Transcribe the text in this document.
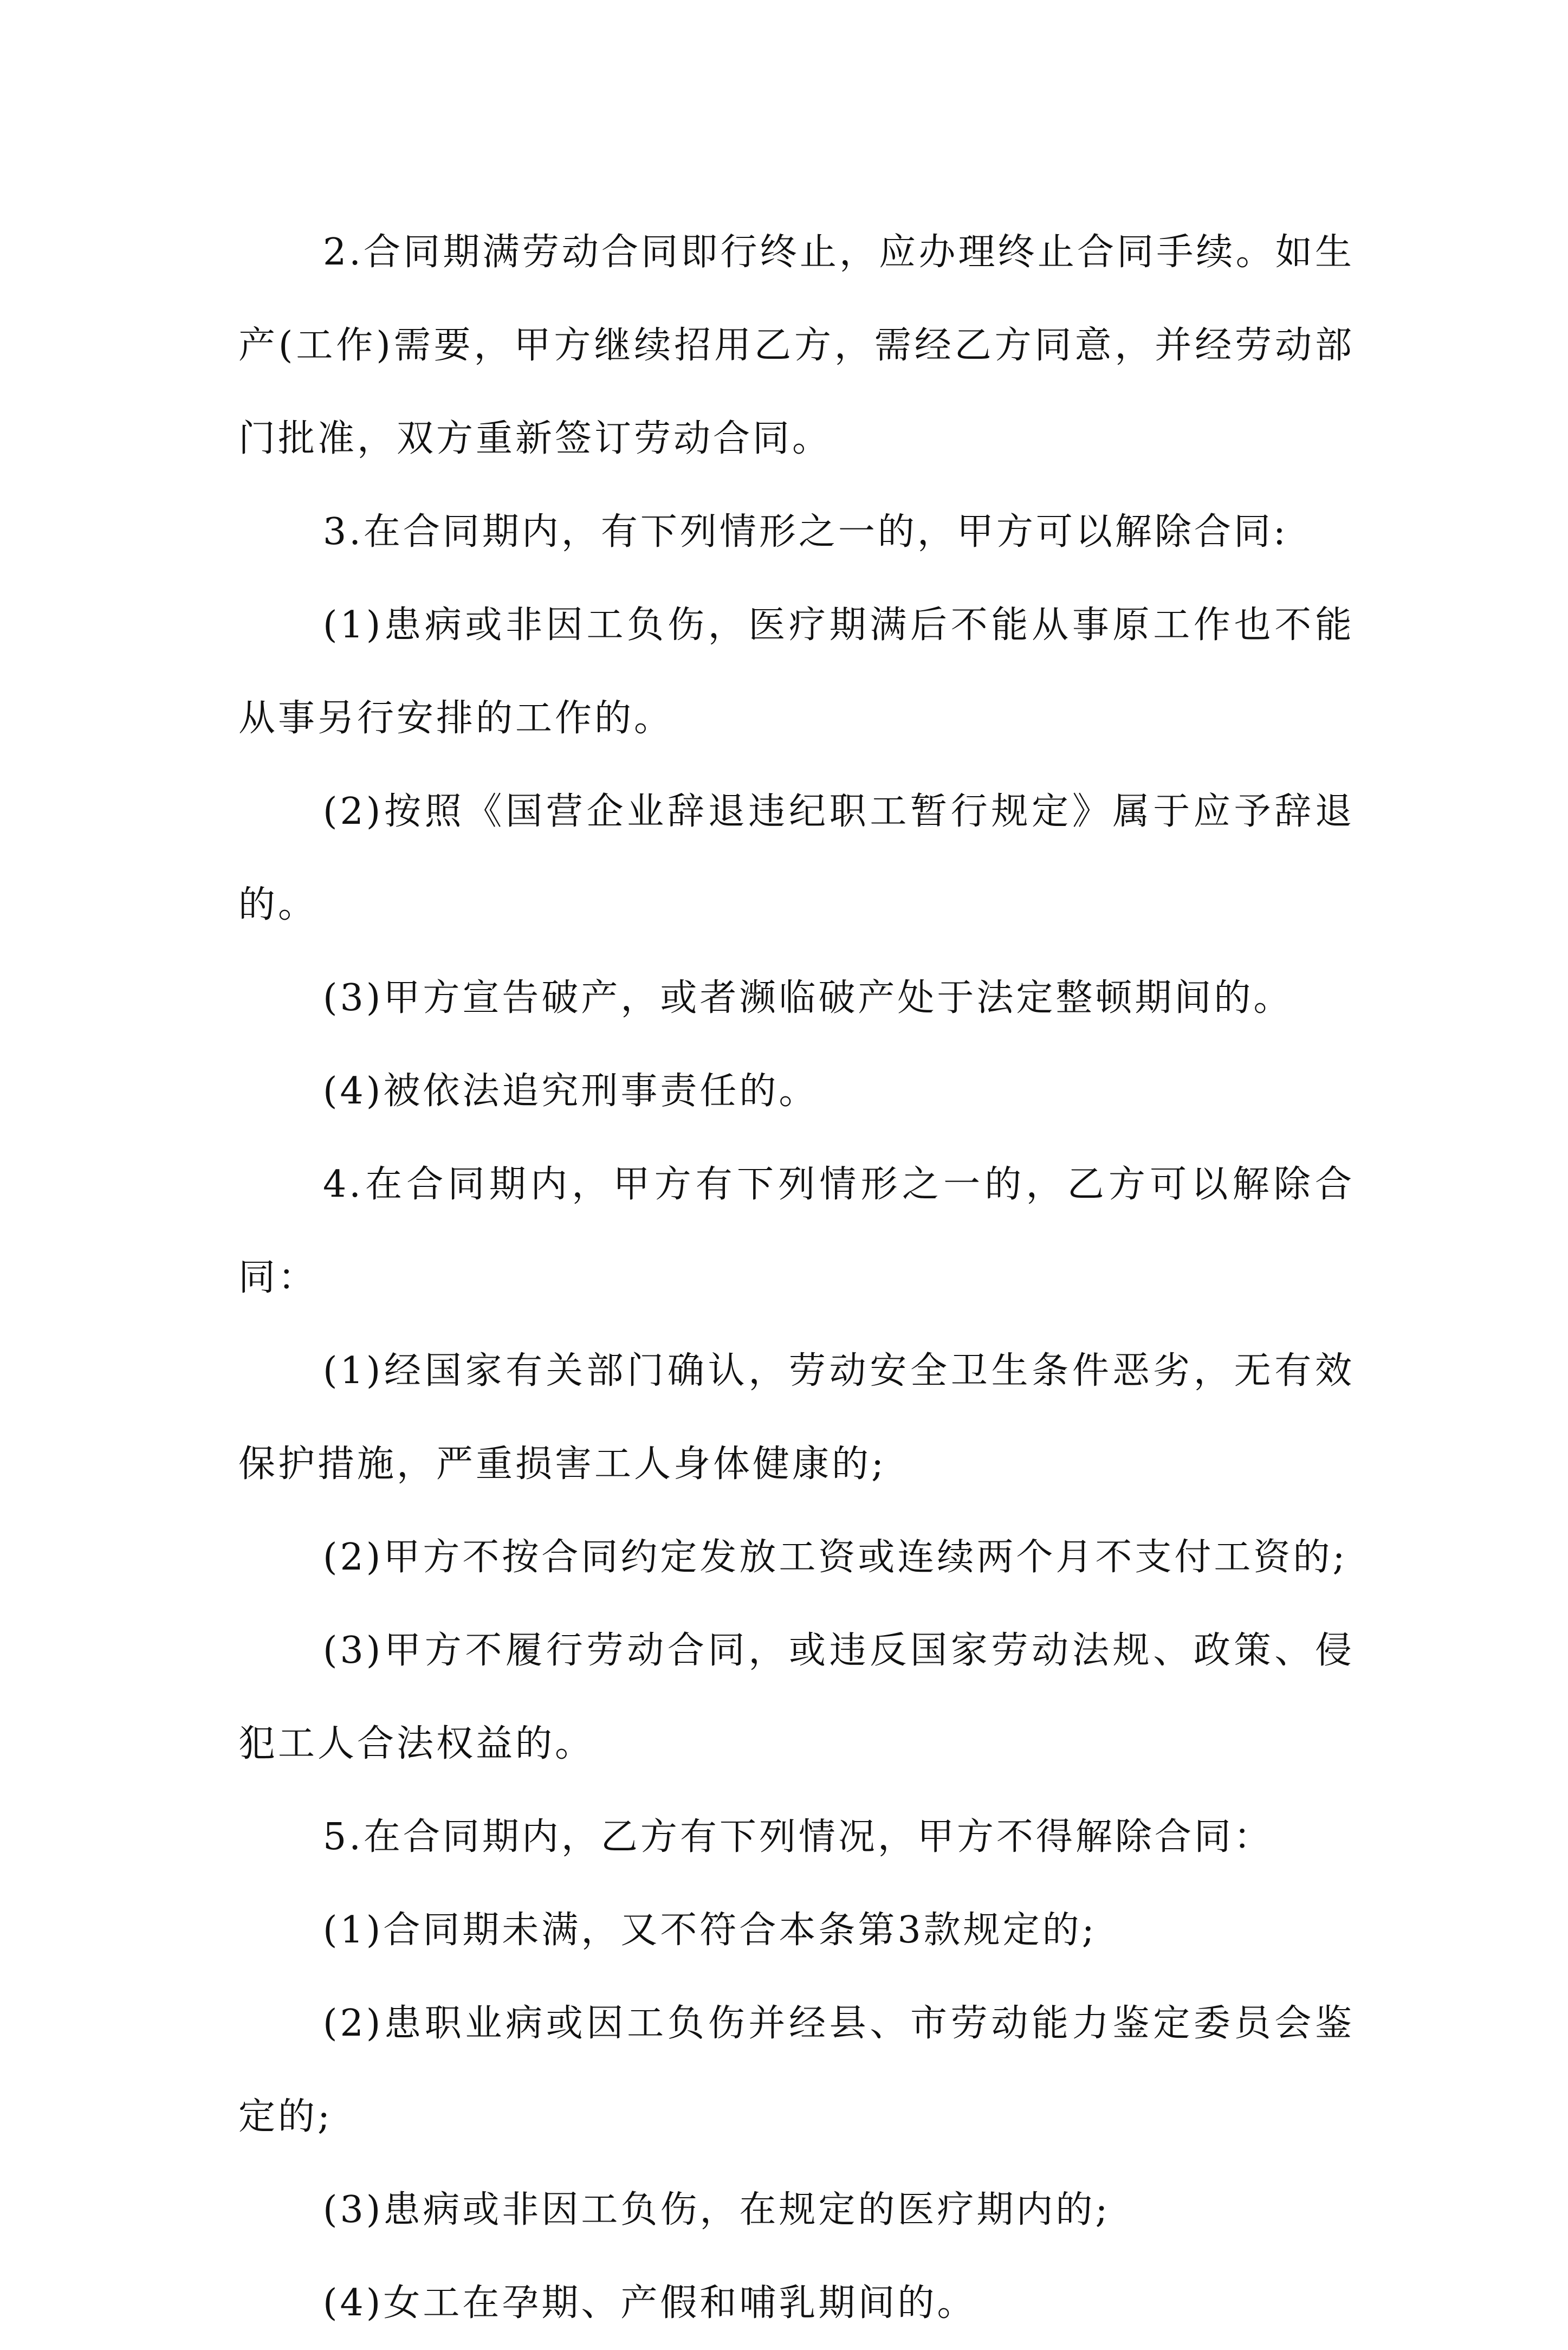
2.合同期满劳动合同即行终止，应办理终止合同手续。如生产(工作)需要，甲方继续招用乙方，需经乙方同意，并经劳动部门批准，双方重新签订劳动合同。

3.在合同期内，有下列情形之一的，甲方可以解除合同:

(1)患病或非因工负伤，医疗期满后不能从事原工作也不能从事另行安排的工作的。

(2)按照《国营企业辞退违纪职工暂行规定》属于应予辞退的。

(3)甲方宣告破产，或者濒临破产处于法定整顿期间的。

(4)被依法追究刑事责任的。

4.在合同期内，甲方有下列情形之一的，乙方可以解除合同：

(1)经国家有关部门确认，劳动安全卫生条件恶劣，无有效保护措施，严重损害工人身体健康的;

(2)甲方不按合同约定发放工资或连续两个月不支付工资的;

(3)甲方不履行劳动合同，或违反国家劳动法规、政策、侵犯工人合法权益的。

5.在合同期内，乙方有下列情况，甲方不得解除合同：

(1)合同期未满，又不符合本条第3款规定的;

(2)患职业病或因工负伤并经县、市劳动能力鉴定委员会鉴定的;

(3)患病或非因工负伤，在规定的医疗期内的;

(4)女工在孕期、产假和哺乳期间的。
